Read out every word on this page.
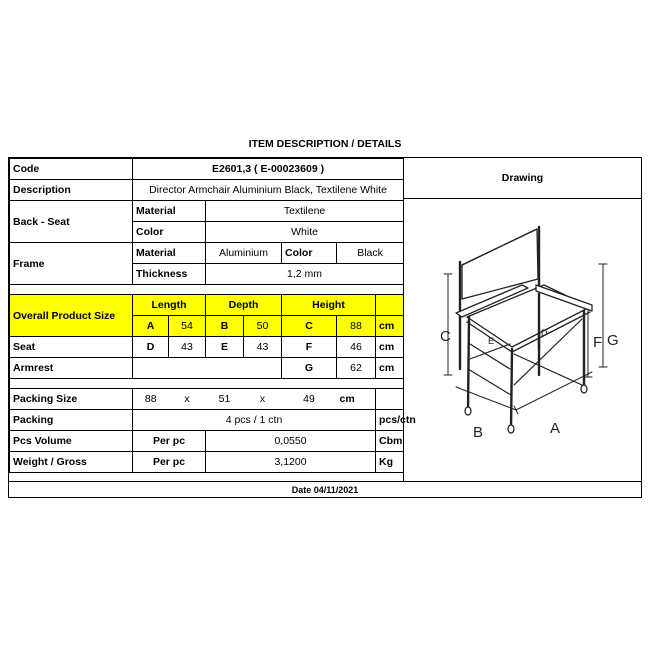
ITEM DESCRIPTION / DETAILS
Code	E2601,3 ( E-00023609 )						
Description	Director Armchair Aluminium Black, Textilene White						
Back - Seat	Material		Textilene				
	Color		White				
Frame	Material		Aluminium		Color	Black	
	Thickness		1,2 mm				

Overall Product Size	Length		Depth		Height		
	A	54	B	50	C	88	cm
Seat	D	43	E	43	F	46	cm
Armrest					G	62	cm

Packing Size	88	x	51	x	49	cm	
Packing	4 pcs / 1 ctn						pcs/ctn
Pcs Volume	Per pc		0,0550				Cbm
Weight / Gross	Per pc		3,1200				Kg
Drawing
C	F G
B	A
D
E
Date 04/11/2021
